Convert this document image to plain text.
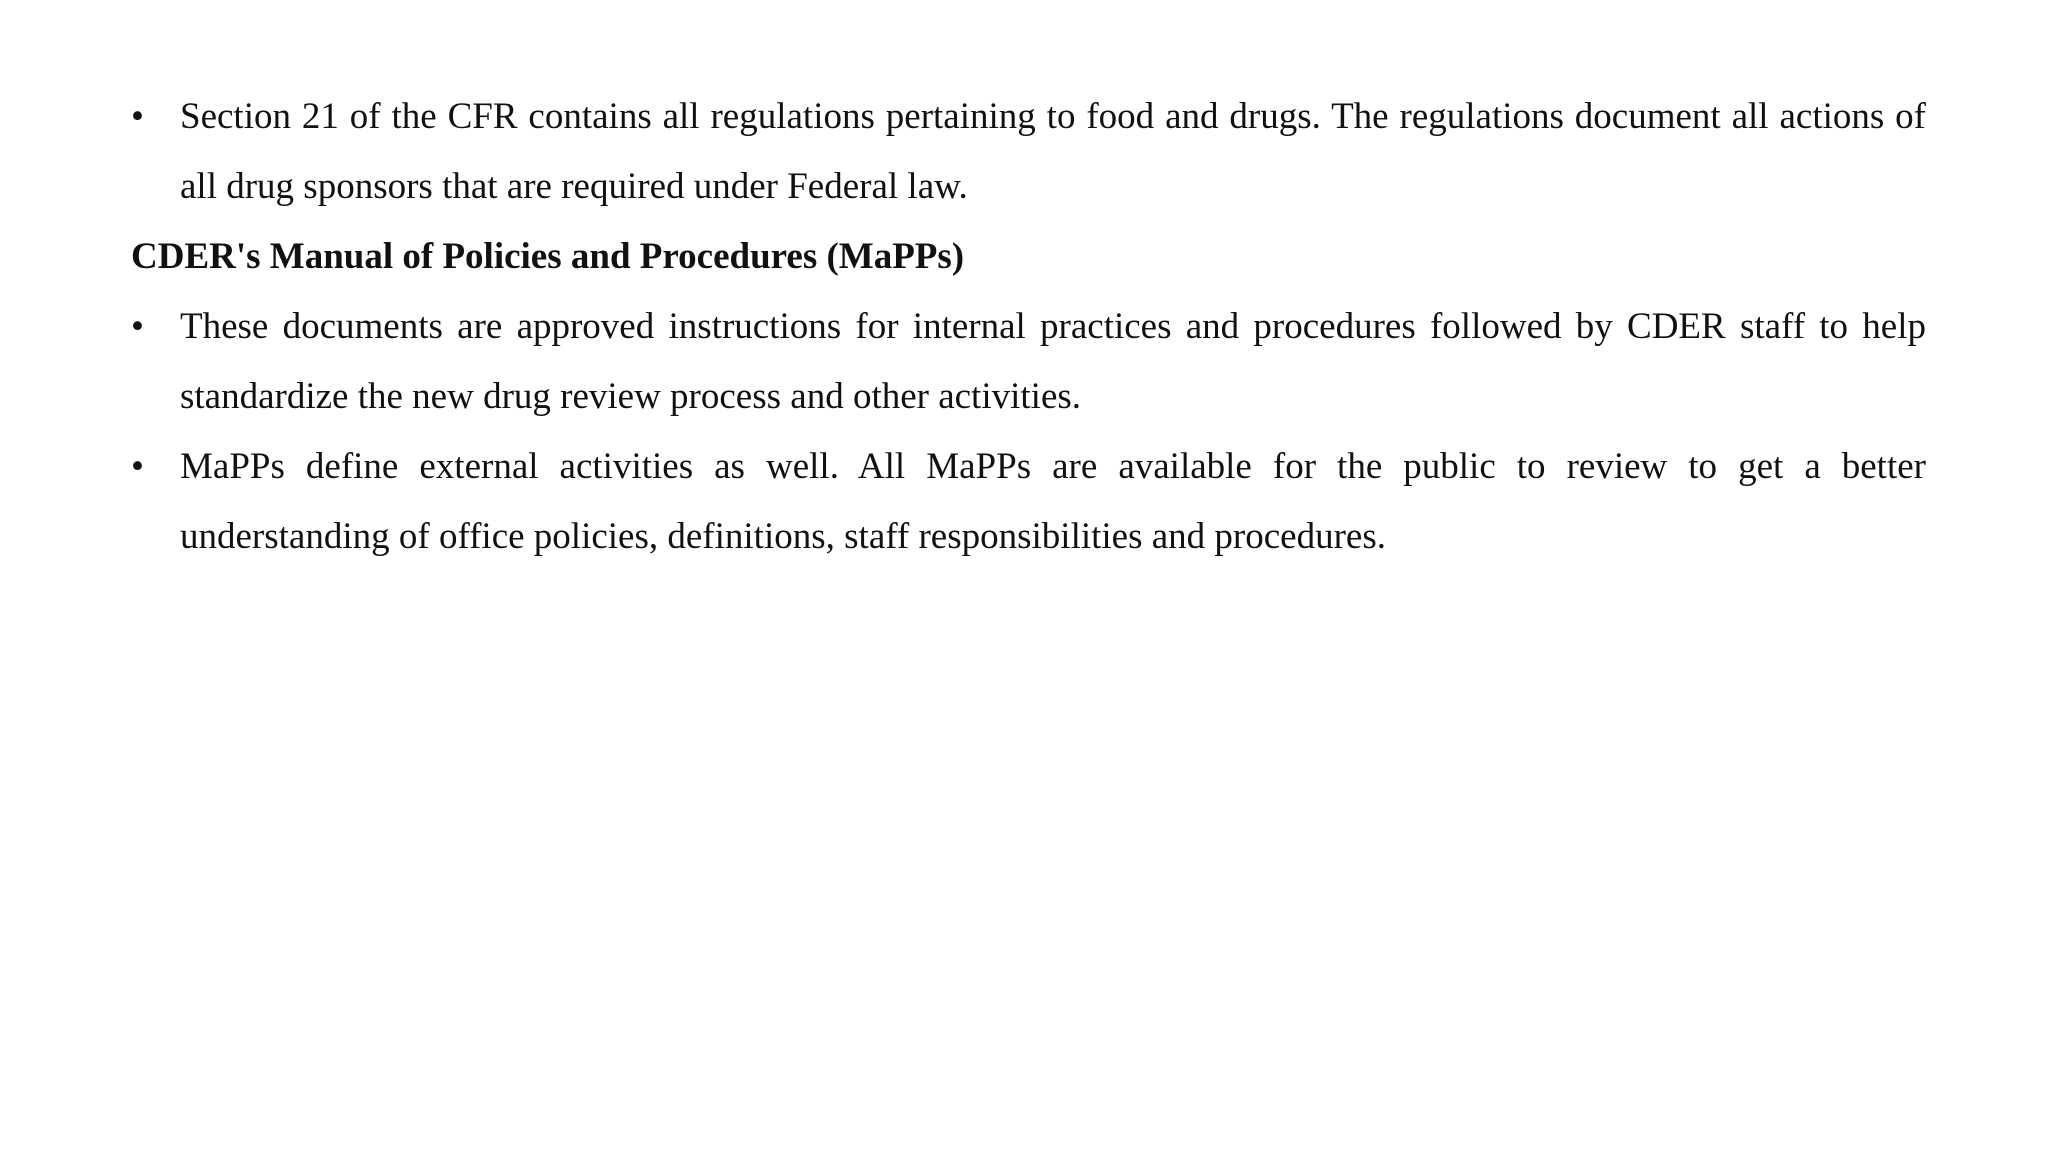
• Section 21 of the CFR contains all regulations pertaining to food and drugs. The regulations document all actions of all drug sponsors that are required under Federal law.
CDER's Manual of Policies and Procedures (MaPPs)
• These documents are approved instructions for internal practices and procedures followed by CDER staff to help standardize the new drug review process and other activities.
• MaPPs define external activities as well. All MaPPs are available for the public to review to get a better understanding of office policies, definitions, staff responsibilities and procedures.
